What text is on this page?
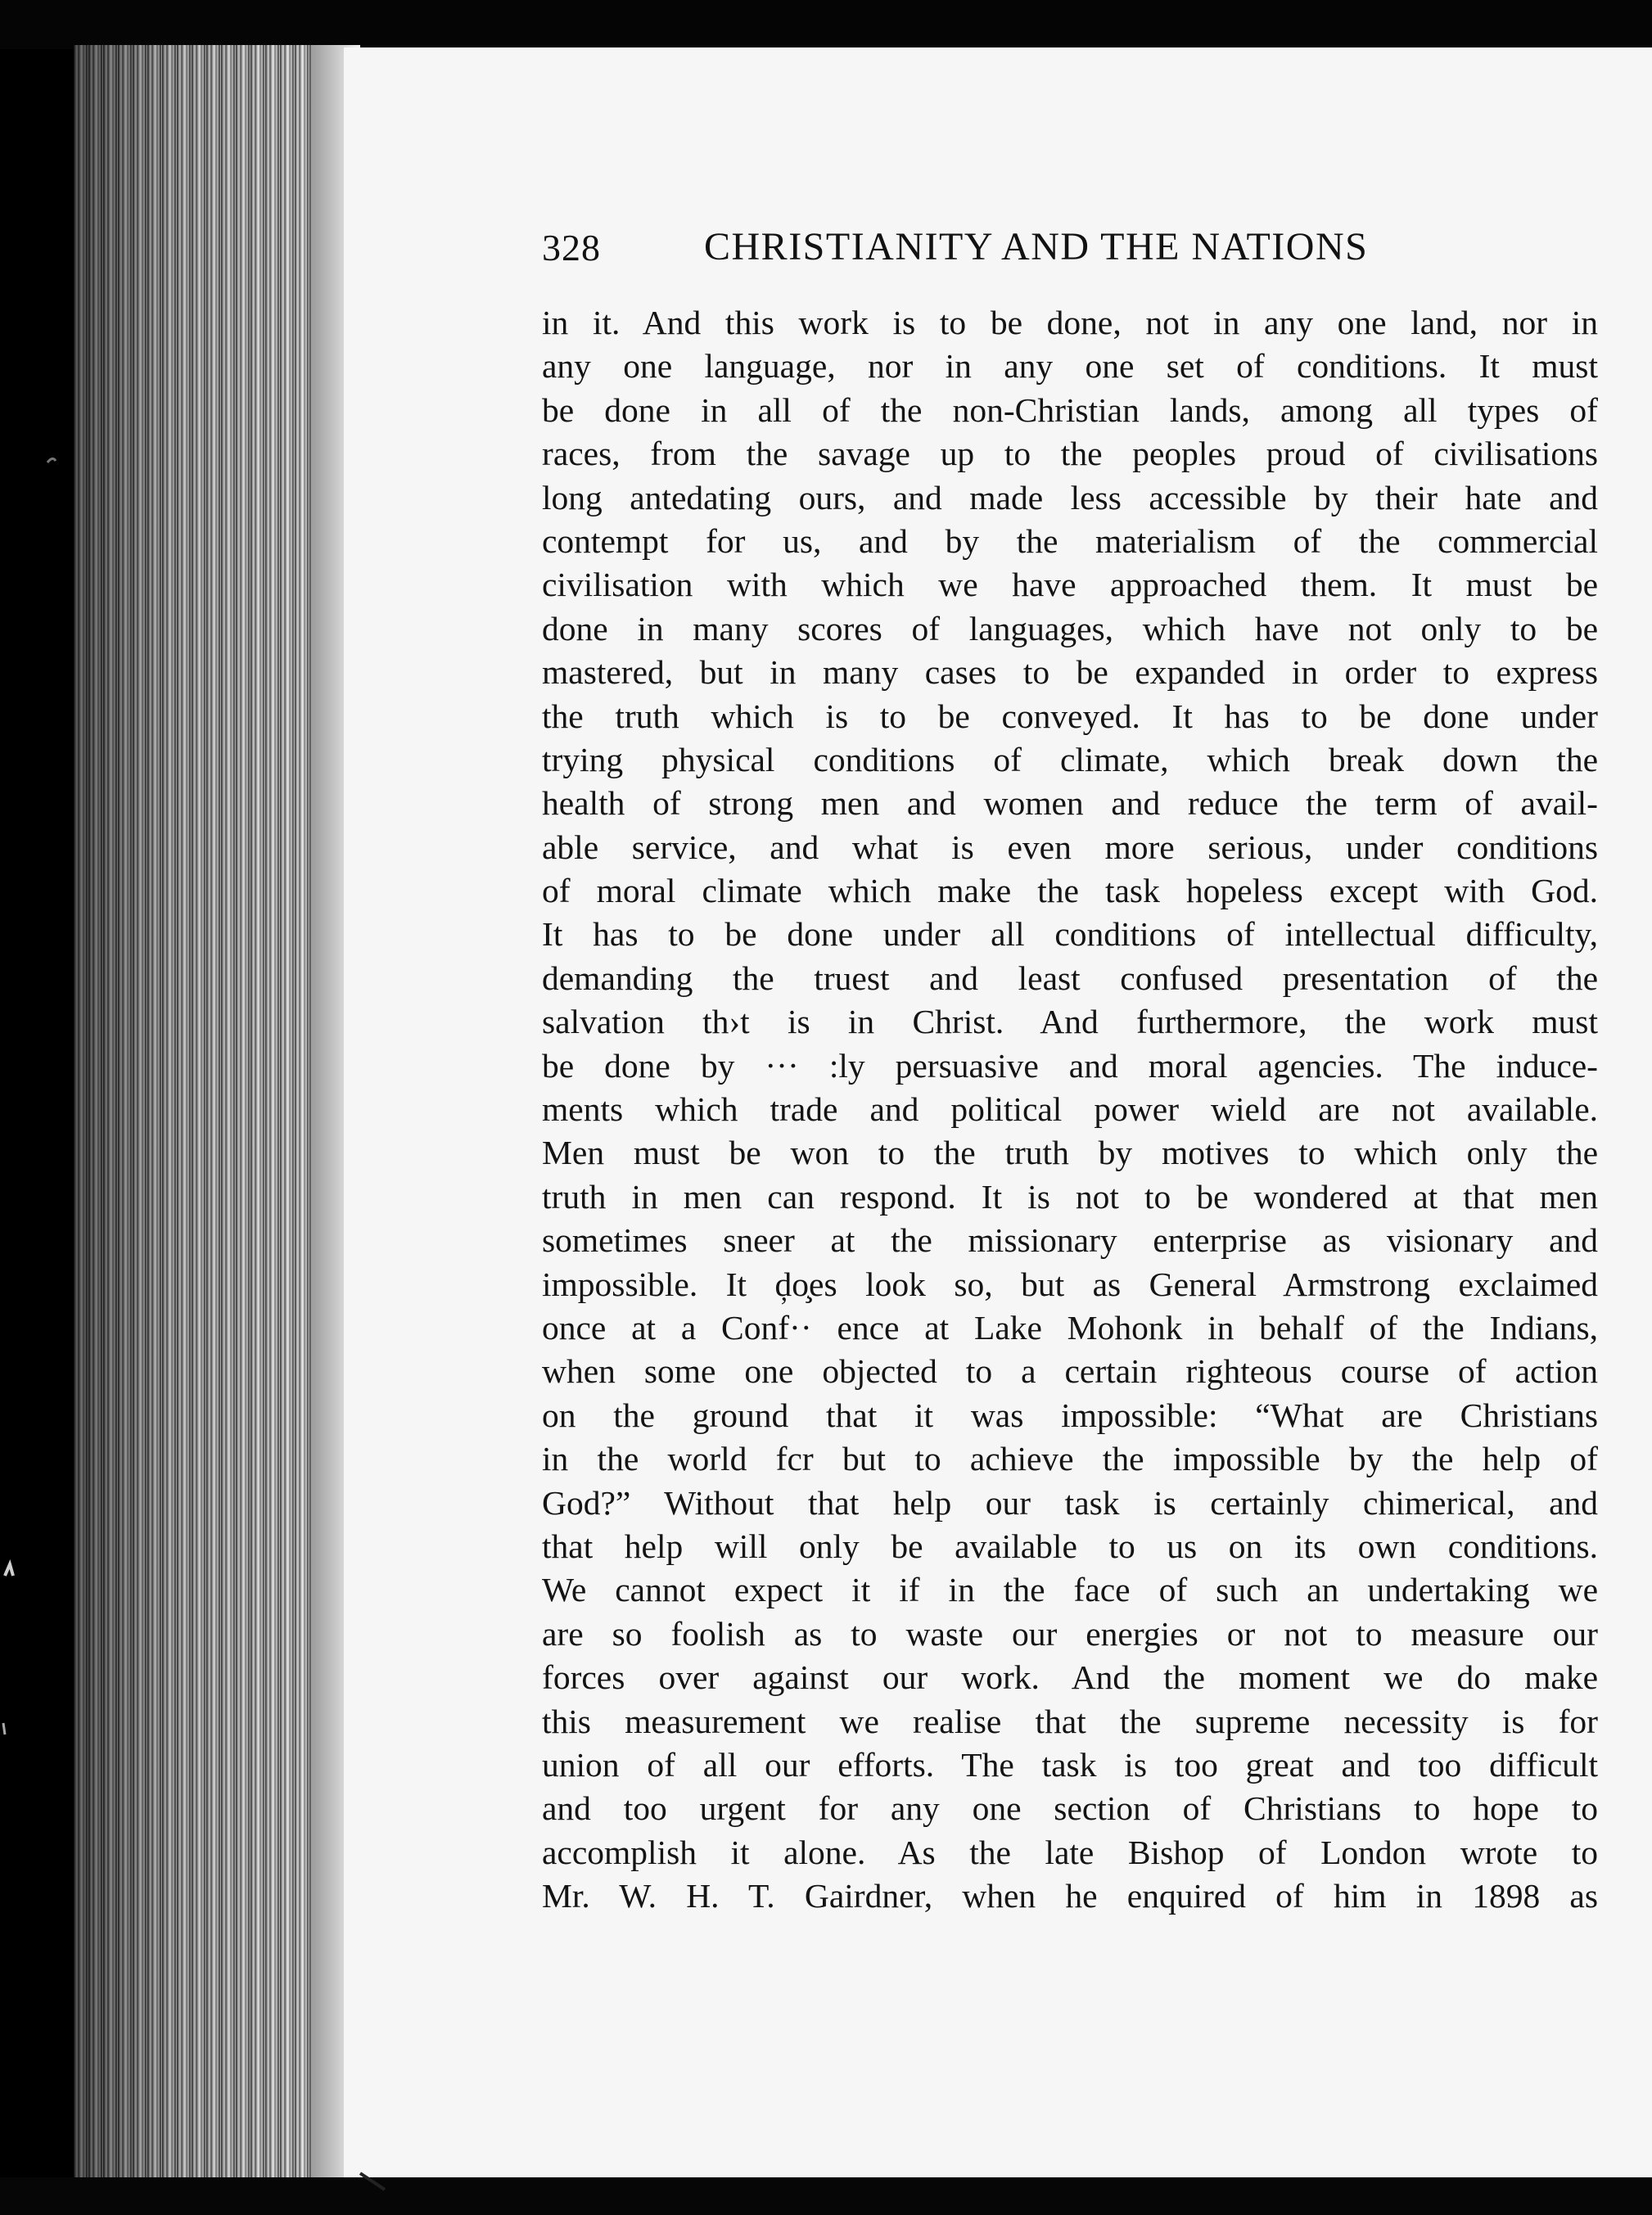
328	CHRISTIANITY AND THE NATIONS
in it. And this work is to be done, not in any one land, nor in
any one language, nor in any one set of conditions. It must
be done in all of the non-Christian lands, among all types of
races, from the savage up to the peoples proud of civilisations
long antedating ours, and made less accessible by their hate and
contempt for us, and by the materialism of the commercial
civilisation with which we have approached them. It must be
done in many scores of languages, which have not only to be
mastered, but in many cases to be expanded in order to express
the truth which is to be conveyed. It has to be done under
trying physical conditions of climate, which break down the
health of strong men and women and reduce the term of avail-
able service, and what is even more serious, under conditions
of moral climate which make the task hopeless except with God.
It has to be done under all conditions of intellectual difficulty,
demanding the truest and least confused presentation of the
salvation th›t is in Christ. And furthermore, the work must
be done by ··· :ly persuasive and moral agencies. The induce-
ments which trade and political power wield are not available.
Men must be won to the truth by motives to which only the
truth in men can respond. It is not to be wondered at that men
sometimes sneer at the missionary enterprise as visionary and
impossible. It ḑo̧es look so, but as General Armstrong exclaimed
once at a Conf·· ence at Lake Mohonk in behalf of the Indians,
when some one objected to a certain righteous course of action
on the ground that it was impossible: “What are Christians
in the world fcr but to achieve the impossible by the help of
God?” Without that help our task is certainly chimerical, and
that help will only be available to us on its own conditions.
We cannot expect it if in the face of such an undertaking we
are so foolish as to waste our energies or not to measure our
forces over against our work. And the moment we do make
this measurement we realise that the supreme necessity is for
union of all our efforts. The task is too great and too difficult
and too urgent for any one section of Christians to hope to
accomplish it alone. As the late Bishop of London wrote to
Mr. W. H. T. Gairdner, when he enquired of him in 1898 as
